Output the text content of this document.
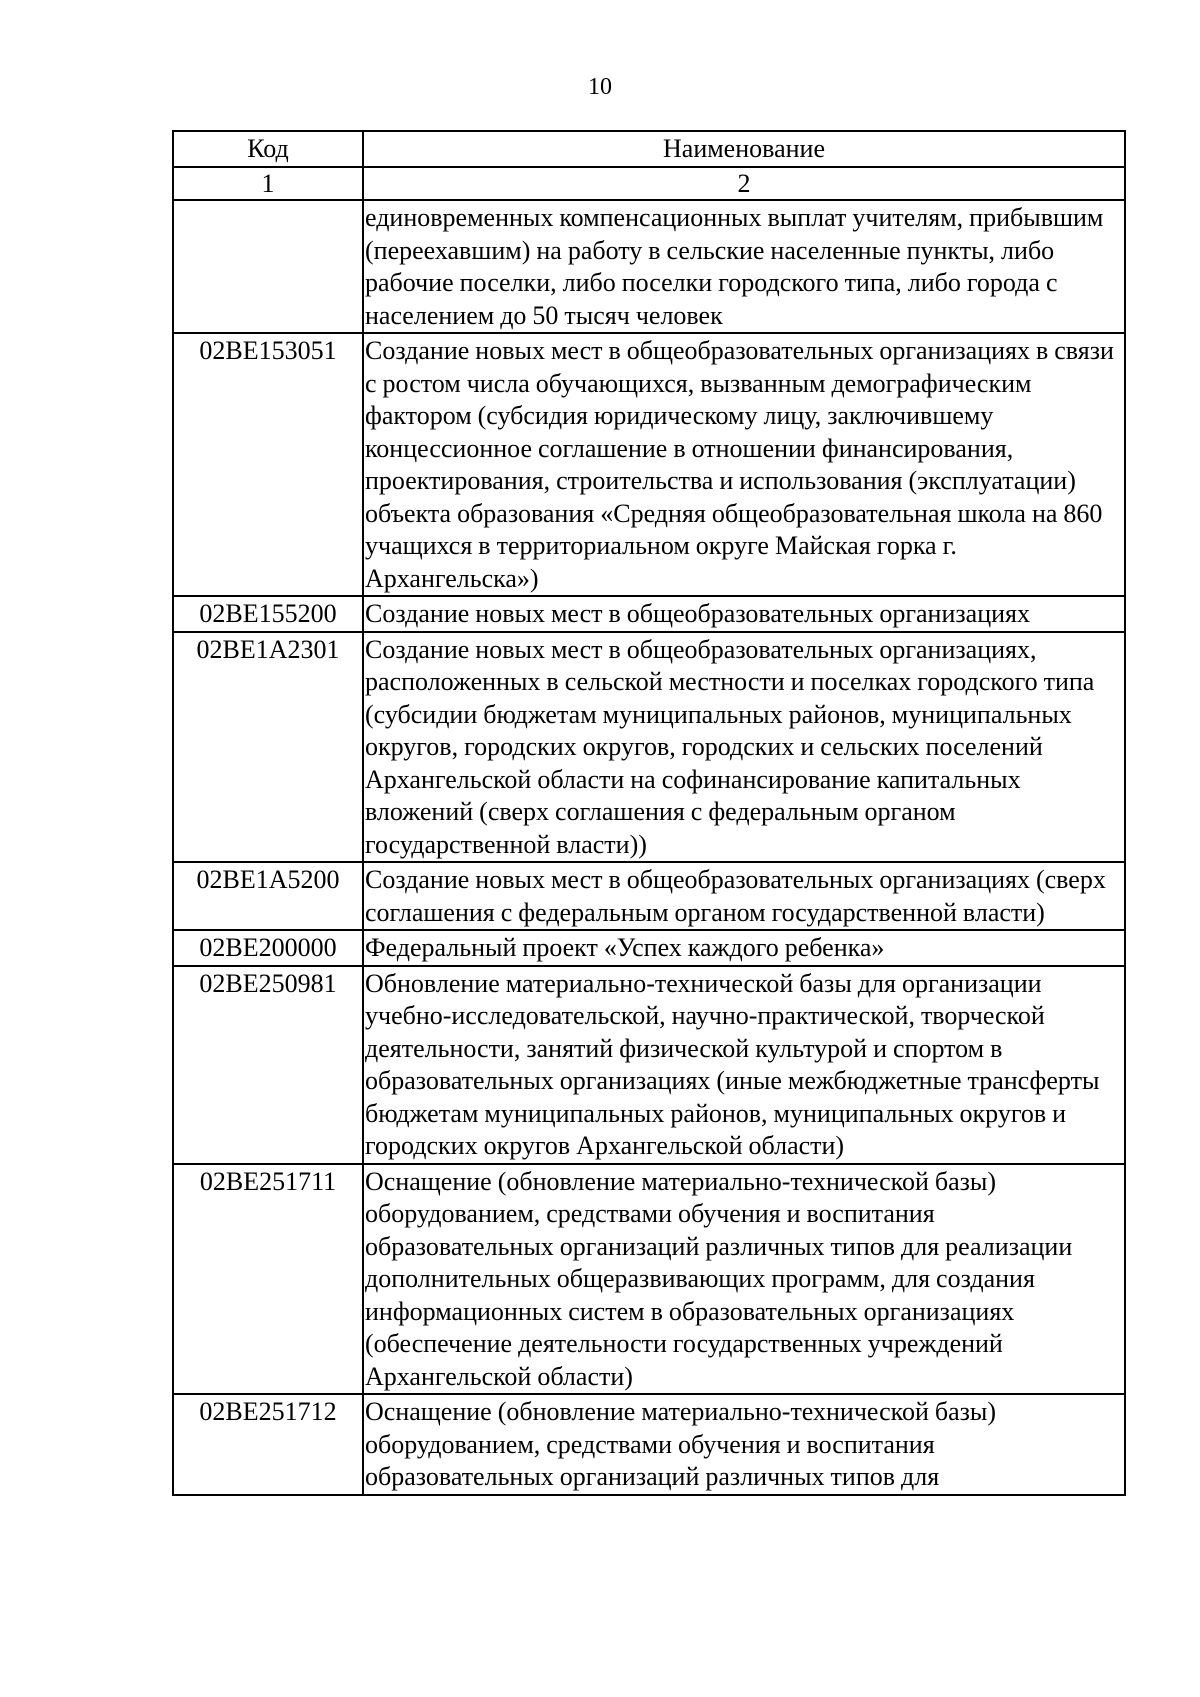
10
Код	Наименование
1	2
	единовременных компенсационных выплат учителям, прибывшим (переехавшим) на работу в сельские населенные пункты, либо рабочие поселки, либо поселки городского типа, либо города с населением до 50 тысяч человек
02BE153051	Создание новых мест в общеобразовательных организациях в связи с ростом числа обучающихся, вызванным демографическим фактором (субсидия юридическому лицу, заключившему концессионное соглашение в отношении финансирования, проектирования, строительства и использования (эксплуатации) объекта образования «Средняя общеобразовательная школа на 860 учащихся в территориальном округе Майская горка г. Архангельска»)
02BE155200	Создание новых мест в общеобразовательных организациях
02BE1A2301	Создание новых мест в общеобразовательных организациях, расположенных в сельской местности и поселках городского типа (субсидии бюджетам муниципальных районов, муниципальных округов, городских округов, городских и сельских поселений Архангельской области на софинансирование капитальных вложений (сверх соглашения с федеральным органом государственной власти))
02BE1A5200	Создание новых мест в общеобразовательных организациях (сверх соглашения с федеральным органом государственной власти)
02BE200000	Федеральный проект «Успех каждого ребенка»
02BE250981	Обновление материально-технической базы для организации учебно-исследовательской, научно-практической, творческой деятельности, занятий физической культурой и спортом в образовательных организациях (иные межбюджетные трансферты бюджетам муниципальных районов, муниципальных округов и городских округов Архангельской области)
02BE251711	Оснащение (обновление материально-технической базы) оборудованием, средствами обучения и воспитания образовательных организаций различных типов для реализации дополнительных общеразвивающих программ, для создания информационных систем в образовательных организациях (обеспечение деятельности государственных учреждений Архангельской области)
02BE251712	Оснащение (обновление материально-технической базы) оборудованием, средствами обучения и воспитания образовательных организаций различных типов для
